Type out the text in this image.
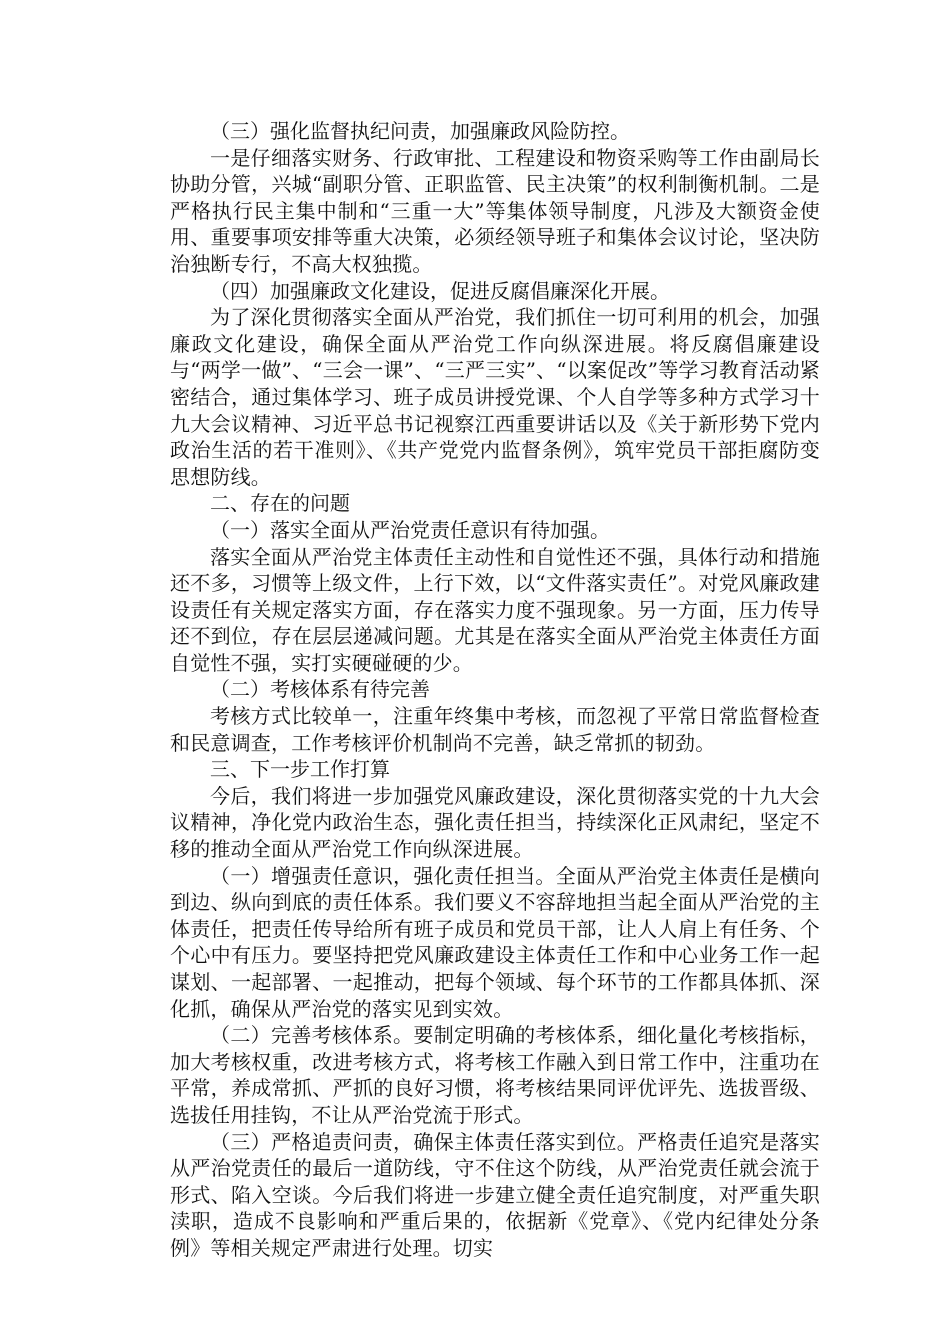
（三）强化监督执纪问责，加强廉政风险防控。

一是仔细落实财务、行政审批、工程建设和物资采购等工作由副局长协助分管，兴城“副职分管、正职监管、民主决策”的权利制衡机制。二是严格执行民主集中制和“三重一大”等集体领导制度，凡涉及大额资金使用、重要事项安排等重大决策，必须经领导班子和集体会议讨论，坚决防治独断专行，不高大权独揽。

（四）加强廉政文化建设，促进反腐倡廉深化开展。

为了深化贯彻落实全面从严治党，我们抓住一切可利用的机会，加强廉政文化建设，确保全面从严治党工作向纵深进展。将反腐倡廉建设与“两学一做”、“三会一课”、“三严三实”、“以案促改”等学习教育活动紧密结合，通过集体学习、班子成员讲授党课、个人自学等多种方式学习十九大会议精神、习近平总书记视察江西重要讲话以及《关于新形势下党内政治生活的若干准则》、《共产党党内监督条例》，筑牢党员干部拒腐防变思想防线。

二、存在的问题

（一）落实全面从严治党责任意识有待加强。

落实全面从严治党主体责任主动性和自觉性还不强，具体行动和措施还不多，习惯等上级文件，上行下效，以“文件落实责任”。对党风廉政建设责任有关规定落实方面，存在落实力度不强现象。另一方面，压力传导还不到位，存在层层递减问题。尤其是在落实全面从严治党主体责任方面自觉性不强，实打实硬碰硬的少。

（二）考核体系有待完善

考核方式比较单一，注重年终集中考核，而忽视了平常日常监督检查和民意调查，工作考核评价机制尚不完善，缺乏常抓的韧劲。

三、下一步工作打算

今后，我们将进一步加强党风廉政建设，深化贯彻落实党的十九大会议精神，净化党内政治生态，强化责任担当，持续深化正风肃纪，坚定不移的推动全面从严治党工作向纵深进展。

（一）增强责任意识，强化责任担当。全面从严治党主体责任是横向到边、纵向到底的责任体系。我们要义不容辞地担当起全面从严治党的主体责任，把责任传导给所有班子成员和党员干部，让人人肩上有任务、个个心中有压力。要坚持把党风廉政建设主体责任工作和中心业务工作一起谋划、一起部署、一起推动，把每个领域、每个环节的工作都具体抓、深化抓，确保从严治党的落实见到实效。

（二）完善考核体系。要制定明确的考核体系，细化量化考核指标，加大考核权重，改进考核方式，将考核工作融入到日常工作中，注重功在平常，养成常抓、严抓的良好习惯，将考核结果同评优评先、选拔晋级、选拔任用挂钩，不让从严治党流于形式。

（三）严格追责问责，确保主体责任落实到位。严格责任追究是落实从严治党责任的最后一道防线，守不住这个防线，从严治党责任就会流于形式、陷入空谈。今后我们将进一步建立健全责任追究制度，对严重失职渎职，造成不良影响和严重后果的，依据新《党章》、《党内纪律处分条例》等相关规定严肃进行处理。切实
